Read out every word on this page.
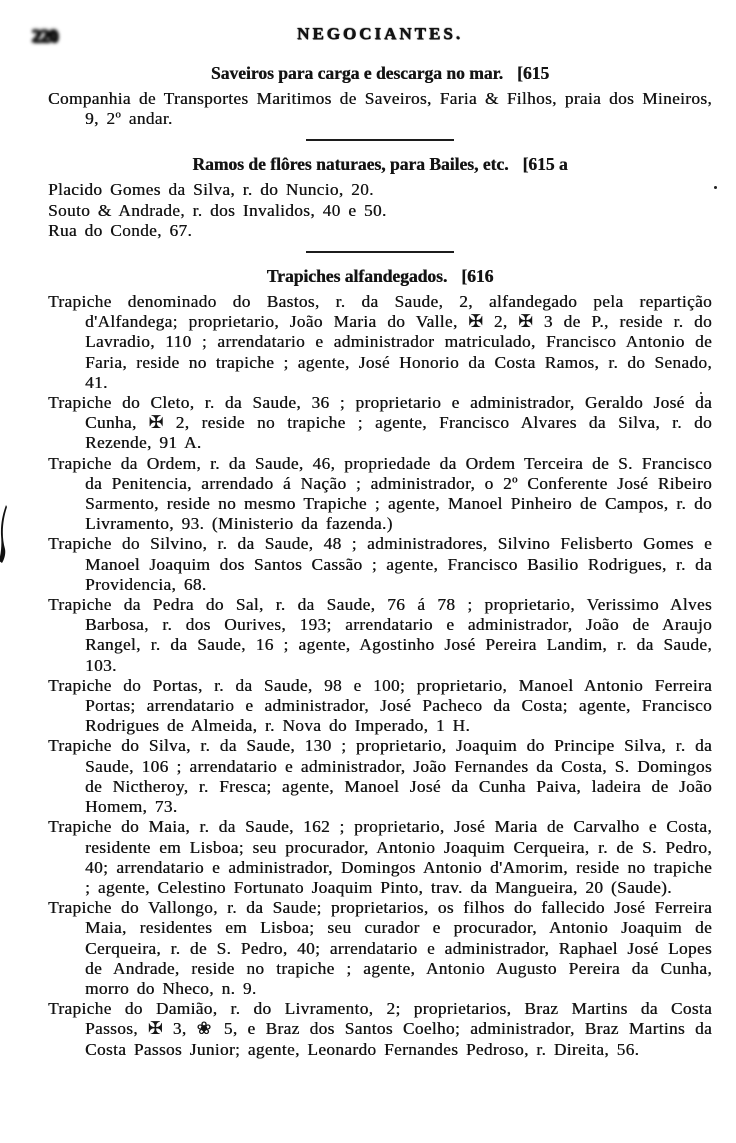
220	NEGOCIANTES.
Saveiros para carga e descarga no mar. [615

Companhia de Transportes Maritimos de Saveiros, Faria & Filhos, praia dos Mineiros, 9, 2º andar.

Ramos de flôres naturaes, para Bailes, etc. [615 a

Placido Gomes da Silva, r. do Nuncio, 20.

Souto & Andrade, r. dos Invalidos, 40 e 50.

Rua do Conde, 67.

Trapiches alfandegados. [616

Trapiche denominado do Bastos, r. da Saude, 2, alfandegado pela repartição d'Alfandega; proprietario, João Maria do Valle, ✠ 2, ✠ 3 de P., reside r. do Lavradio, 110 ; arrendatario e administrador matriculado, Francisco Antonio de Faria, reside no trapiche ; agente, José Honorio da Costa Ramos, r. do Senado, 41.

Trapiche do Cleto, r. da Saude, 36 ; proprietario e administrador, Geraldo José da Cunha, ✠ 2, reside no trapiche ; agente, Francisco Alvares da Silva, r. do Rezende, 91 A.

Trapiche da Ordem, r. da Saude, 46, propriedade da Ordem Terceira de S. Francisco da Penitencia, arrendado á Nação ; administrador, o 2º Conferente José Ribeiro Sarmento, reside no mesmo Trapiche ; agente, Manoel Pinheiro de Campos, r. do Livramento, 93. (Ministerio da fazenda.)

Trapiche do Silvino, r. da Saude, 48 ; administradores, Silvino Felisberto Gomes e Manoel Joaquim dos Santos Cassão ; agente, Francisco Basilio Rodrigues, r. da Providencia, 68.

Trapiche da Pedra do Sal, r. da Saude, 76 á 78 ; proprietario, Verissimo Alves Barbosa, r. dos Ourives, 193; arrendatario e administrador, João de Araujo Rangel, r. da Saude, 16 ; agente, Agostinho José Pereira Landim, r. da Saude, 103.

Trapiche do Portas, r. da Saude, 98 e 100; proprietario, Manoel Antonio Ferreira Portas; arrendatario e administrador, José Pacheco da Costa; agente, Francisco Rodrigues de Almeida, r. Nova do Imperado, 1 H.

Trapiche do Silva, r. da Saude, 130 ; proprietario, Joaquim do Principe Silva, r. da Saude, 106 ; arrendatario e administrador, João Fernandes da Costa, S. Domingos de Nictheroy, r. Fresca; agente, Manoel José da Cunha Paiva, ladeira de João Homem, 73.

Trapiche do Maia, r. da Saude, 162 ; proprietario, José Maria de Carvalho e Costa, residente em Lisboa; seu procurador, Antonio Joaquim Cerqueira, r. de S. Pedro, 40; arrendatario e administrador, Domingos Antonio d'Amorim, reside no trapiche ; agente, Celestino Fortunato Joaquim Pinto, trav. da Mangueira, 20 (Saude).

Trapiche do Vallongo, r. da Saude; proprietarios, os filhos do fallecido José Ferreira Maia, residentes em Lisboa; seu curador e procurador, Antonio Joaquim de Cerqueira, r. de S. Pedro, 40; arrendatario e administrador, Raphael José Lopes de Andrade, reside no trapiche ; agente, Antonio Augusto Pereira da Cunha, morro do Nheco, n. 9.

Trapiche do Damião, r. do Livramento, 2; proprietarios, Braz Martins da Costa Passos, ✠ 3, ❀ 5, e Braz dos Santos Coelho; administrador, Braz Martins da Costa Passos Junior; agente, Leonardo Fernandes Pedroso, r. Direita, 56.
